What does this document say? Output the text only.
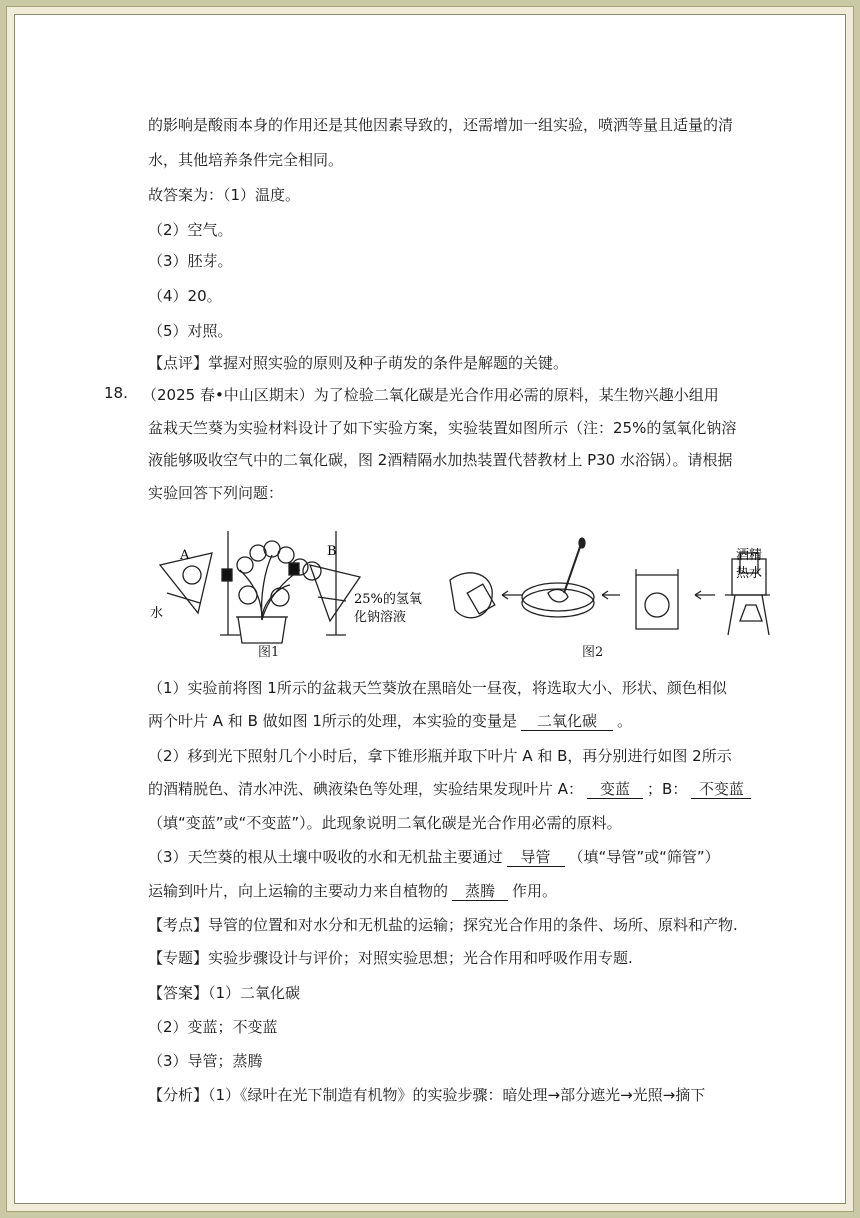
的影响是酸雨本身的作用还是其他因素导致的，还需增加一组实验，喷洒等量且适量的清
水，其他培养条件完全相同。
故答案为：（1）温度。
（2）空气。
（3）胚芽。
（4）20。
（5）对照。
【点评】掌握对照实验的原则及种子萌发的条件是解题的关键。
18. （2025 春•中山区期末）为了检验二氧化碳是光合作用必需的原料，某生物兴趣小组用
盆栽天竺葵为实验材料设计了如下实验方案，实验装置如图所示（注：25%的氢氧化钠溶
液能够吸收空气中的二氧化碳，图 2酒精隔水加热装置代替教材上 P30 水浴锅）。请根据
实验回答下列问题：
A	B
水
25%的氢氧
化钠溶液
酒精
热水
图1	图2
（1）实验前将图 1所示的盆栽天竺葵放在黑暗处一昼夜，将选取大小、形状、颜色相似
两个叶片 A 和 B 做如图 1所示的处理，本实验的变量是 二氧化碳 。
（2）移到光下照射几个小时后，拿下锥形瓶并取下叶片 A 和 B，再分别进行如图 2所示
的酒精脱色、清水冲洗、碘液染色等处理，实验结果发现叶片 A： 变蓝 ；B： 不变蓝
（填“变蓝”或“不变蓝”）。此现象说明二氧化碳是光合作用必需的原料。
（3）天竺葵的根从土壤中吸收的水和无机盐主要通过 导管 （填“导管”或“筛管”）
运输到叶片，向上运输的主要动力来自植物的 蒸腾 作用。
【考点】导管的位置和对水分和无机盐的运输；探究光合作用的条件、场所、原料和产物.
【专题】实验步骤设计与评价；对照实验思想；光合作用和呼吸作用专题.
【答案】（1）二氧化碳
（2）变蓝；不变蓝
（3）导管；蒸腾
【分析】（1）《绿叶在光下制造有机物》的实验步骤：暗处理→部分遮光→光照→摘下
